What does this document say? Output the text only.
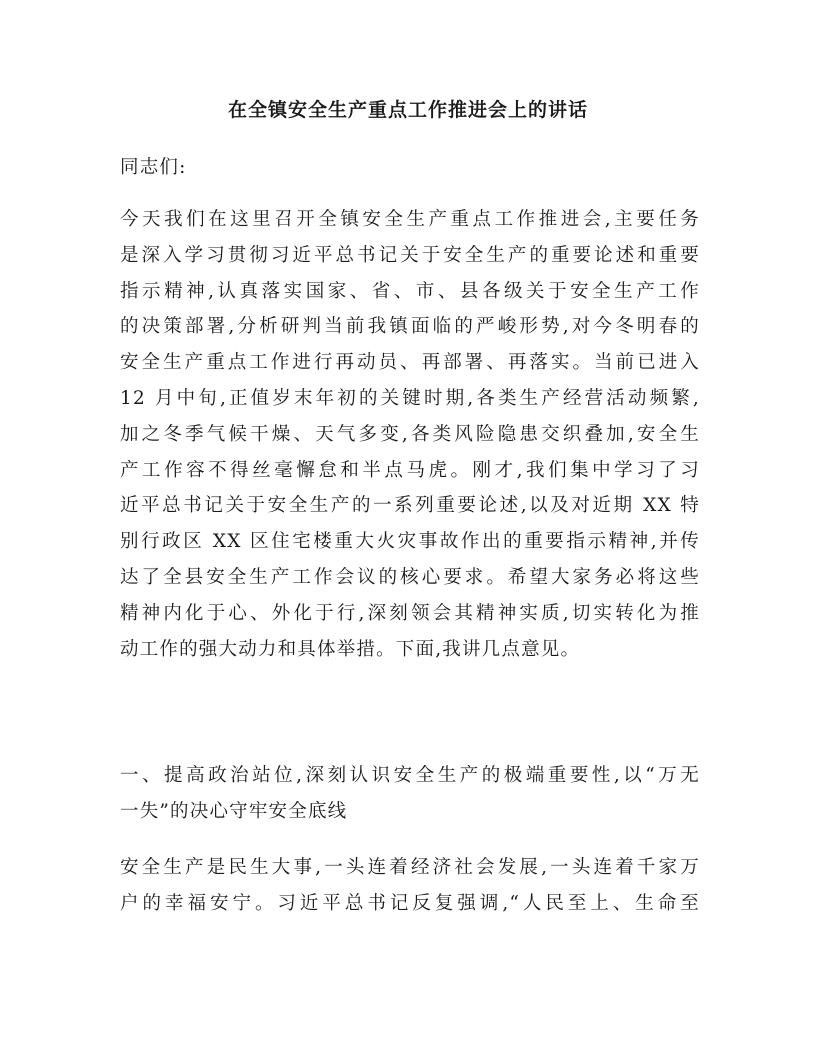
在全镇安全生产重点工作推进会上的讲话
同志们:
今天我们在这里召开全镇安全生产重点工作推进会,主要任务
是深入学习贯彻习近平总书记关于安全生产的重要论述和重要
指示精神,认真落实国家、省、市、县各级关于安全生产工作
的决策部署,分析研判当前我镇面临的严峻形势,对今冬明春的
安全生产重点工作进行再动员、再部署、再落实。当前已进入
12 月中旬,正值岁末年初的关键时期,各类生产经营活动频繁,
加之冬季气候干燥、天气多变,各类风险隐患交织叠加,安全生
产工作容不得丝毫懈怠和半点马虎。刚才,我们集中学习了习
近平总书记关于安全生产的一系列重要论述,以及对近期 XX 特
别行政区 XX 区住宅楼重大火灾事故作出的重要指示精神,并传
达了全县安全生产工作会议的核心要求。希望大家务必将这些
精神内化于心、外化于行,深刻领会其精神实质,切实转化为推
动工作的强大动力和具体举措。下面,我讲几点意见。
一、提高政治站位,深刻认识安全生产的极端重要性,以“万无
一失”的决心守牢安全底线
安全生产是民生大事,一头连着经济社会发展,一头连着千家万
户的幸福安宁。习近平总书记反复强调,“人民至上、生命至
